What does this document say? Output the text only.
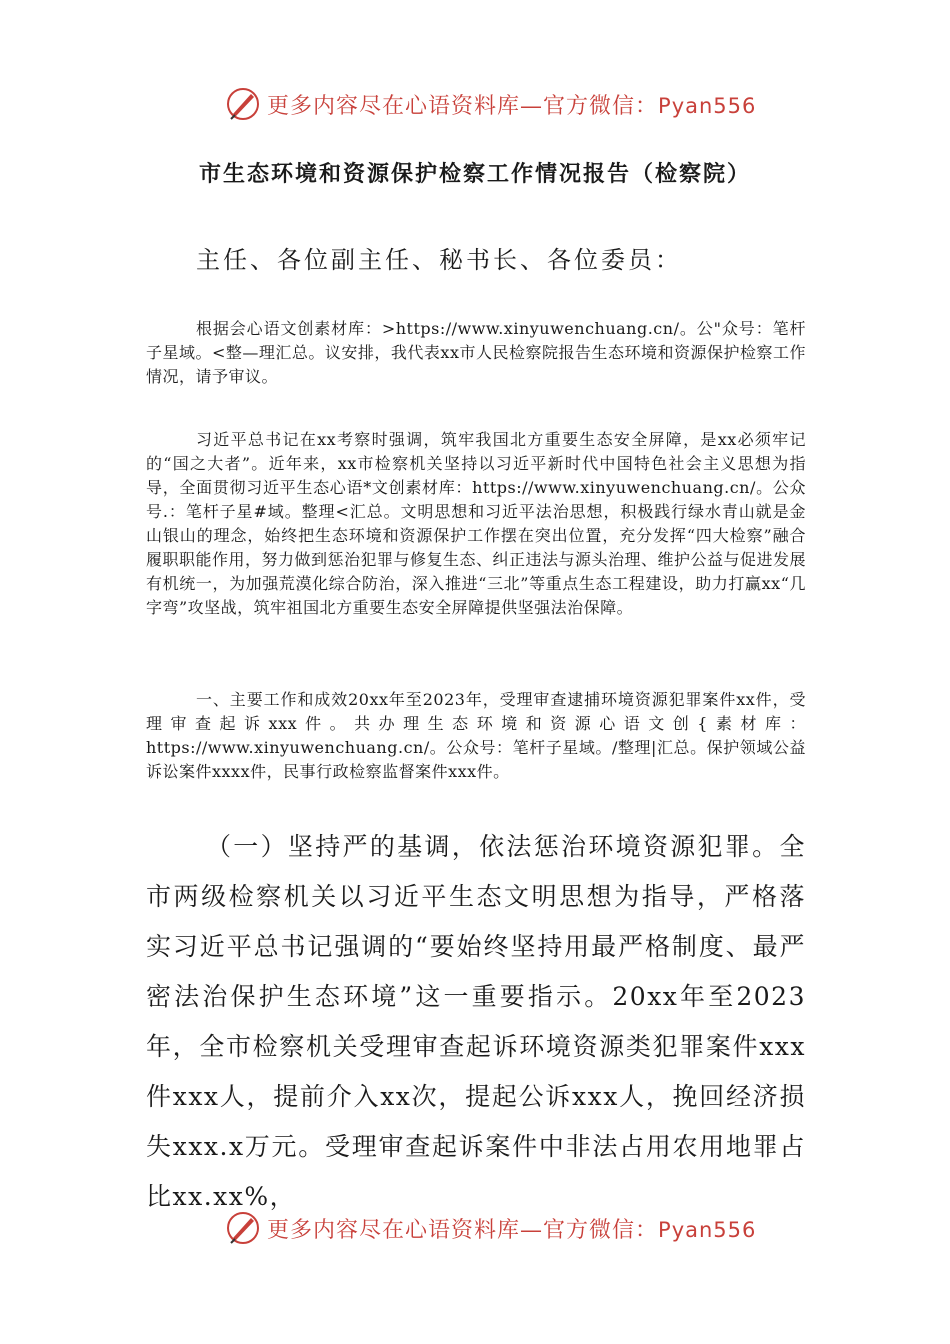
更多内容尽在心语资料库—官方微信：Pyan556
市生态环境和资源保护检察工作情况报告（检察院）
主任、各位副主任、秘书长、各位委员：

根据会心语文创素材库：>https://www.xinyuwenchuang.cn/。公"众号：笔杆子星域。<整—理汇总。议安排，我代表xx市人民检察院报告生态环境和资源保护检察工作情况，请予审议。

习近平总书记在xx考察时强调，筑牢我国北方重要生态安全屏障，是xx必须牢记的“国之大者”。近年来，xx市检察机关坚持以习近平新时代中国特色社会主义思想为指导，全面贯彻习近平生态心语*文创素材库：https://www.xinyuwenchuang.cn/。公众号.：笔杆子星#域。整理<汇总。文明思想和习近平法治思想，积极践行绿水青山就是金山银山的理念，始终把生态环境和资源保护工作摆在突出位置，充分发挥“四大检察”融合履职职能作用，努力做到惩治犯罪与修复生态、纠正违法与源头治理、维护公益与促进发展有机统一，为加强荒漠化综合防治，深入推进“三北”等重点生态工程建设，助力打赢xx“几字弯”攻坚战，筑牢祖国北方重要生态安全屏障提供坚强法治保障。

一、主要工作和成效20xx年至2023年，受理审查逮捕环境资源犯罪案件xx件，受理审查起诉xxx件。共办理生态环境和资源心语文创{素材库：https://www.xinyuwenchuang.cn/。公众号：笔杆子星域。/整理|汇总。保护领域公益诉讼案件xxxx件，民事行政检察监督案件xxx件。

（一）坚持严的基调，依法惩治环境资源犯罪。全市两级检察机关以习近平生态文明思想为指导，严格落实习近平总书记强调的“要始终坚持用最严格制度、最严密法治保护生态环境”这一重要指示。20xx年至2023年，全市检察机关受理审查起诉环境资源类犯罪案件xxx件xxx人，提前介入xx次，提起公诉xxx人，挽回经济损失xxx.x万元。受理审查起诉案件中非法占用农用地罪占比xx.xx%，

更多内容尽在心语资料库—官方微信：Pyan556
